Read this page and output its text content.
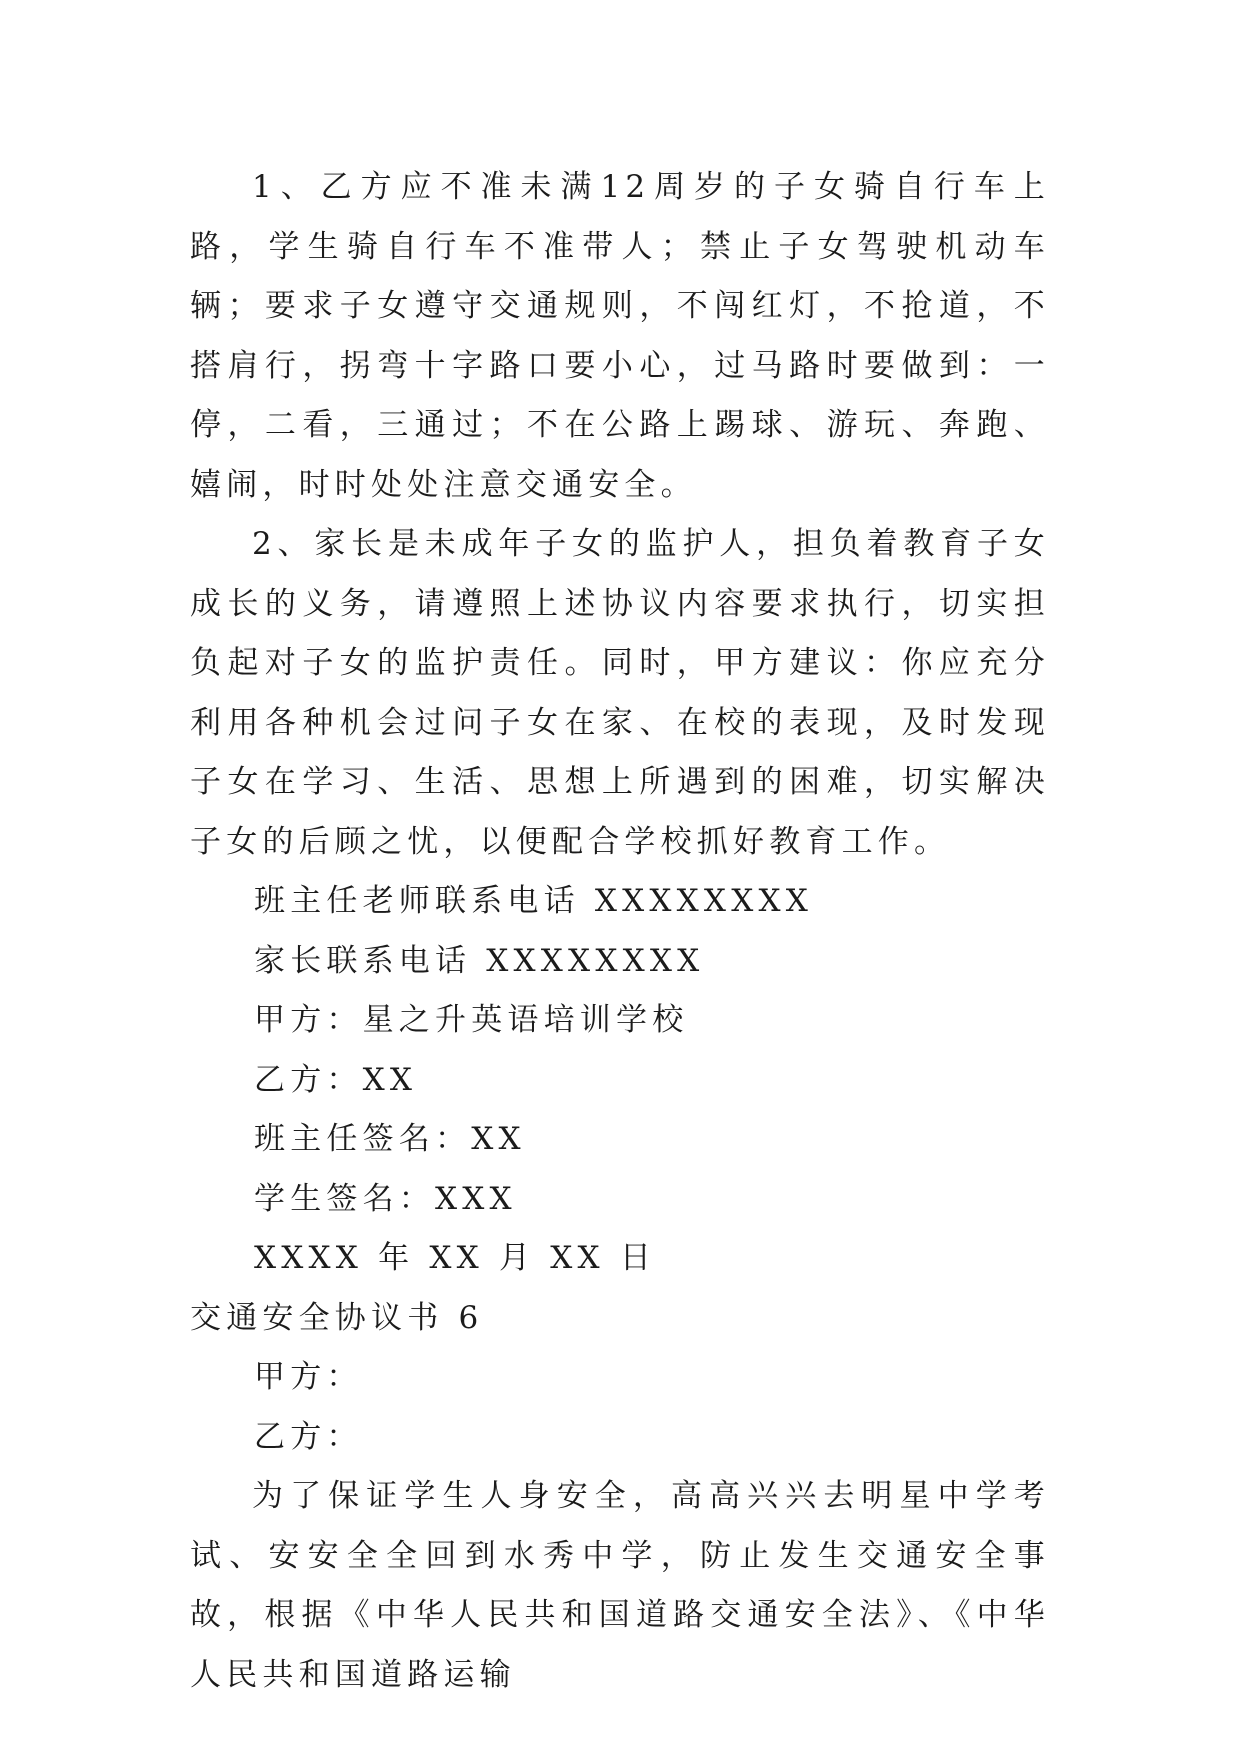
1、乙方应不准未满12周岁的子女骑自行车上路，学生骑自行车不准带人；禁止子女驾驶机动车辆；要求子女遵守交通规则，不闯红灯，不抢道，不搭肩行，拐弯十字路口要小心，过马路时要做到：一停，二看，三通过；不在公路上踢球、游玩、奔跑、嬉闹，时时处处注意交通安全。

2、家长是未成年子女的监护人，担负着教育子女成长的义务，请遵照上述协议内容要求执行，切实担负起对子女的监护责任。同时，甲方建议：你应充分利用各种机会过问子女在家、在校的表现，及时发现子女在学习、生活、思想上所遇到的困难，切实解决子女的后顾之忧，以便配合学校抓好教育工作。

班主任老师联系电话 XXXXXXXX

家长联系电话 XXXXXXXX

甲方：星之升英语培训学校

乙方：XX

班主任签名：XX

学生签名：XXX

XXXX 年 XX 月 XX 日

交通安全协议书 6

甲方：

乙方：

为了保证学生人身安全，高高兴兴去明星中学考试、安安全全回到水秀中学，防止发生交通安全事故，根据《中华人民共和国道路交通安全法》、《中华人民共和国道路运输
